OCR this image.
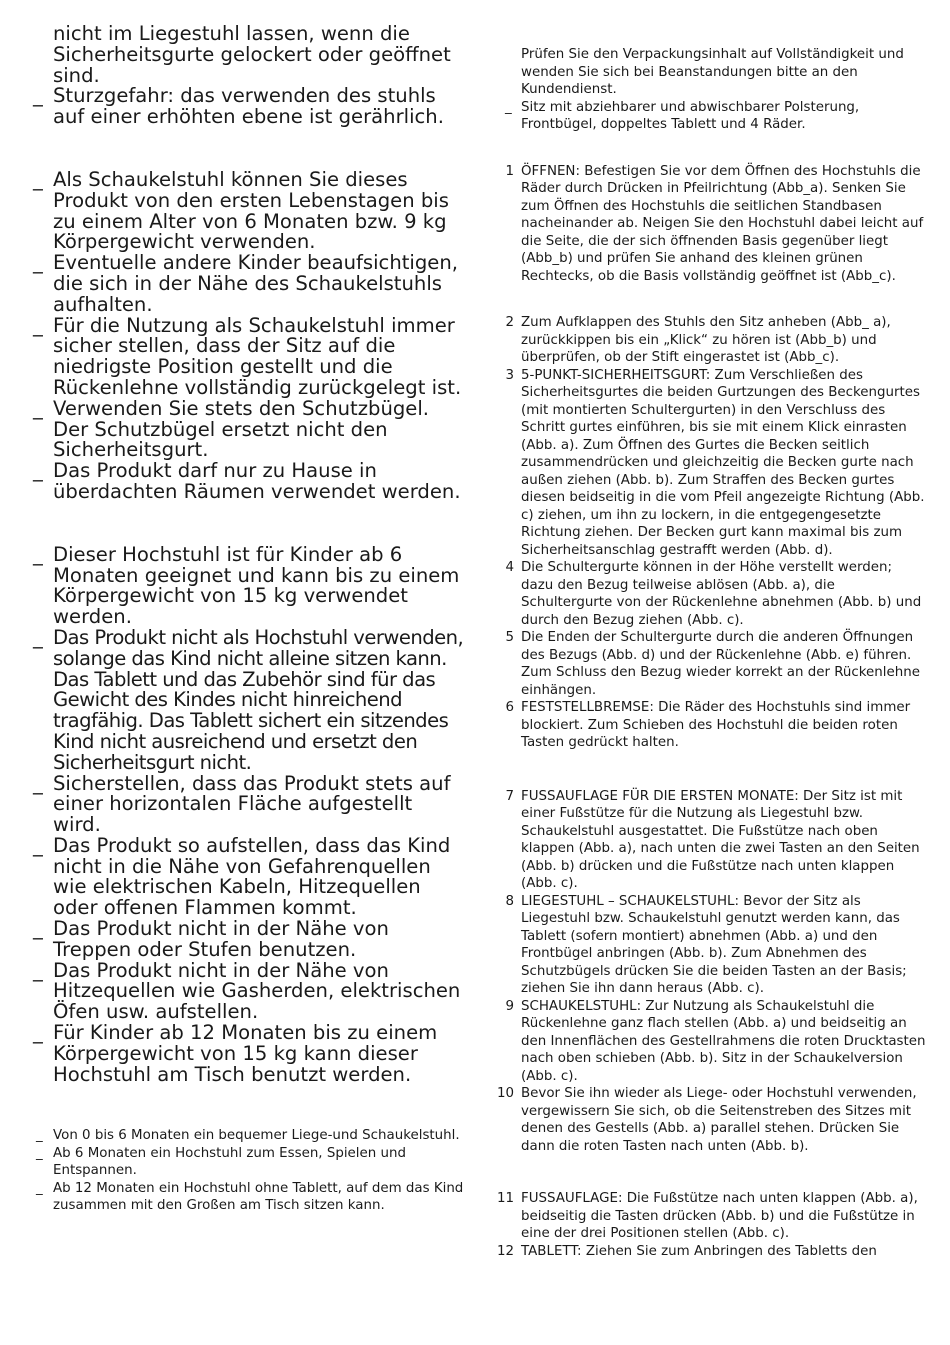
nicht im Liegestuhl lassen, wenn die Sicherheitsgurte gelockert oder geöffnet sind.
_ Sturzgefahr: das verwenden des stuhls auf einer erhöhten ebene ist gerährlich.
_ Als Schaukelstuhl können Sie dieses Produkt von den ersten Lebenstagen bis zu einem Alter von 6 Monaten bzw. 9 kg Körpergewicht verwenden.
_ Eventuelle andere Kinder beaufsichtigen, die sich in der Nähe des Schaukelstuhls aufhalten.
_ Für die Nutzung als Schaukelstuhl immer sicher stellen, dass der Sitz auf die niedrigste Position gestellt und die Rückenlehne vollständig zurückgelegt ist.
_ Verwenden Sie stets den Schutzbügel. Der Schutzbügel ersetzt nicht den Sicherheitsgurt.
_ Das Produkt darf nur zu Hause in überdachten Räumen verwendet werden.
_ Dieser Hochstuhl ist für Kinder ab 6 Monaten geeignet und kann bis zu einem Körpergewicht von 15 kg verwendet werden.
_ Das Produkt nicht als Hochstuhl verwenden, solange das Kind nicht alleine sitzen kann. Das Tablett und das Zubehör sind für das Gewicht des Kindes nicht hinreichend tragfähig. Das Tablett sichert ein sitzendes Kind nicht ausreichend und ersetzt den Sicherheitsgurt nicht.
_ Sicherstellen, dass das Produkt stets auf einer horizontalen Fläche aufgestellt wird.
_ Das Produkt so aufstellen, dass das Kind nicht in die Nähe von Gefahrenquellen wie elektrischen Kabeln, Hitzequellen oder offenen Flammen kommt.
_ Das Produkt nicht in der Nähe von Treppen oder Stufen benutzen.
_ Das Produkt nicht in der Nähe von Hitzequellen wie Gasherden, elektrischen Öfen usw. aufstellen.
_ Für Kinder ab 12 Monaten bis zu einem Körpergewicht von 15 kg kann dieser Hochstuhl am Tisch benutzt werden.
_ Von 0 bis 6 Monaten ein bequemer Liege-und Schaukelstuhl.
_ Ab 6 Monaten ein Hochstuhl zum Essen, Spielen und Entspannen.
_ Ab 12 Monaten ein Hochstuhl ohne Tablett, auf dem das Kind zusammen mit den Großen am Tisch sitzen kann.
Prüfen Sie den Verpackungsinhalt auf Vollständigkeit und wenden Sie sich bei Beanstandungen bitte an den Kundendienst.
_ Sitz mit abziehbarer und abwischbarer Polsterung, Frontbügel, doppeltes Tablett und 4 Räder.
1 ÖFFNEN: Befestigen Sie vor dem Öffnen des Hochstuhls die Räder durch Drücken in Pfeilrichtung (Abb_a). Senken Sie zum Öffnen des Hochstuhls die seitlichen Standbasen nacheinander ab. Neigen Sie den Hochstuhl dabei leicht auf die Seite, die der sich öffnenden Basis gegenüber liegt (Abb_b) und prüfen Sie anhand des kleinen grünen Rechtecks, ob die Basis vollständig geöffnet ist (Abb_c).
2 Zum Aufklappen des Stuhls den Sitz anheben (Abb_ a), zurückkippen bis ein „Klick“ zu hören ist (Abb_b) und überprüfen, ob der Stift eingerastet ist (Abb_c).
3 5-PUNKT-SICHERHEITSGURT: Zum Verschließen des Sicherheitsgurtes die beiden Gurtzungen des Beckengurtes (mit montierten Schultergurten) in den Verschluss des Schritt gurtes einführen, bis sie mit einem Klick einrasten (Abb. a). Zum Öffnen des Gurtes die Becken seitlich zusammendrücken und gleichzeitig die Becken gurte nach außen ziehen (Abb. b). Zum Straffen des Becken gurtes diesen beidseitig in die vom Pfeil angezeigte Richtung (Abb. c) ziehen, um ihn zu lockern, in die entgegengesetzte Richtung ziehen. Der Becken gurt kann maximal bis zum Sicherheitsanschlag gestrafft werden (Abb. d).
4 Die Schultergurte können in der Höhe verstellt werden; dazu den Bezug teilweise ablösen (Abb. a), die Schultergurte von der Rückenlehne abnehmen (Abb. b) und durch den Bezug ziehen (Abb. c).
5 Die Enden der Schultergurte durch die anderen Öffnungen des Bezugs (Abb. d) und der Rückenlehne (Abb. e) führen. Zum Schluss den Bezug wieder korrekt an der Rückenlehne einhängen.
6 FESTSTELLBREMSE: Die Räder des Hochstuhls sind immer blockiert. Zum Schieben des Hochstuhl die beiden roten Tasten gedrückt halten.
7 FUSSAUFLAGE FÜR DIE ERSTEN MONATE: Der Sitz ist mit einer Fußstütze für die Nutzung als Liegestuhl bzw. Schaukelstuhl ausgestattet. Die Fußstütze nach oben klappen (Abb. a), nach unten die zwei Tasten an den Seiten (Abb. b) drücken und die Fußstütze nach unten klappen (Abb. c).
8 LIEGESTUHL – SCHAUKELSTUHL: Bevor der Sitz als Liegestuhl bzw. Schaukelstuhl genutzt werden kann, das Tablett (sofern montiert) abnehmen (Abb. a) und den Frontbügel anbringen (Abb. b). Zum Abnehmen des Schutzbügels drücken Sie die beiden Tasten an der Basis; ziehen Sie ihn dann heraus (Abb. c).
9 SCHAUKELSTUHL: Zur Nutzung als Schaukelstuhl die Rückenlehne ganz flach stellen (Abb. a) und beidseitig an den Innenflächen des Gestellrahmens die roten Drucktasten nach oben schieben (Abb. b). Sitz in der Schaukelversion (Abb. c).
10 Bevor Sie ihn wieder als Liege- oder Hochstuhl verwenden, vergewissern Sie sich, ob die Seitenstreben des Sitzes mit denen des Gestells (Abb. a) parallel stehen. Drücken Sie dann die roten Tasten nach unten (Abb. b).
11 FUSSAUFLAGE: Die Fußstütze nach unten klappen (Abb. a), beidseitig die Tasten drücken (Abb. b) und die Fußstütze in eine der drei Positionen stellen (Abb. c).
12 TABLETT: Ziehen Sie zum Anbringen des Tabletts den
